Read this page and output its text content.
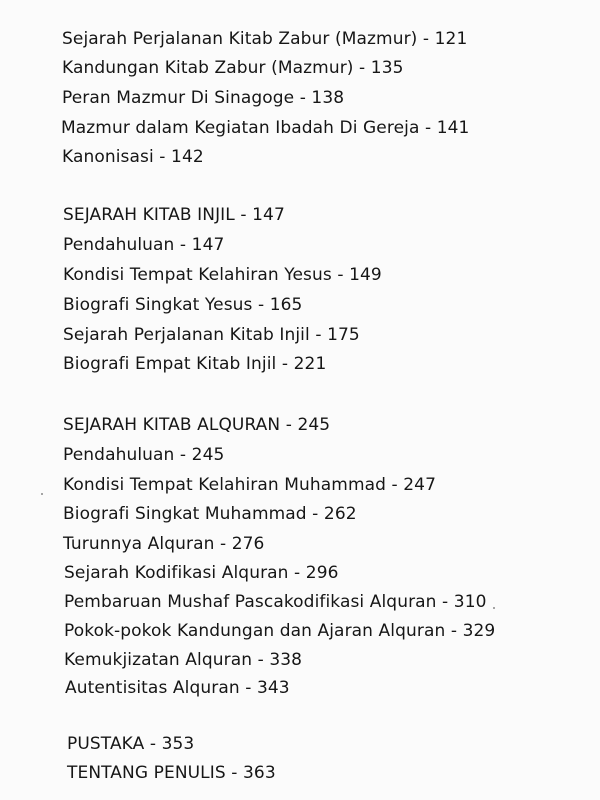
Sejarah Perjalanan Kitab Zabur (Mazmur) - 121
Kandungan Kitab Zabur (Mazmur) - 135
Peran Mazmur Di Sinagoge - 138
Mazmur dalam Kegiatan Ibadah Di Gereja - 141
Kanonisasi - 142
SEJARAH KITAB INJIL - 147
Pendahuluan - 147
Kondisi Tempat Kelahiran Yesus - 149
Biografi Singkat Yesus - 165
Sejarah Perjalanan Kitab Injil - 175
Biografi Empat Kitab Injil - 221
SEJARAH KITAB ALQURAN - 245
Pendahuluan - 245
Kondisi Tempat Kelahiran Muhammad - 247
Biografi Singkat Muhammad - 262
Turunnya Alquran - 276
Sejarah Kodifikasi Alquran - 296
Pembaruan Mushaf Pascakodifikasi Alquran - 310
Pokok-pokok Kandungan dan Ajaran Alquran - 329
Kemukjizatan Alquran - 338
Autentisitas Alquran - 343
PUSTAKA - 353
TENTANG PENULIS - 363
